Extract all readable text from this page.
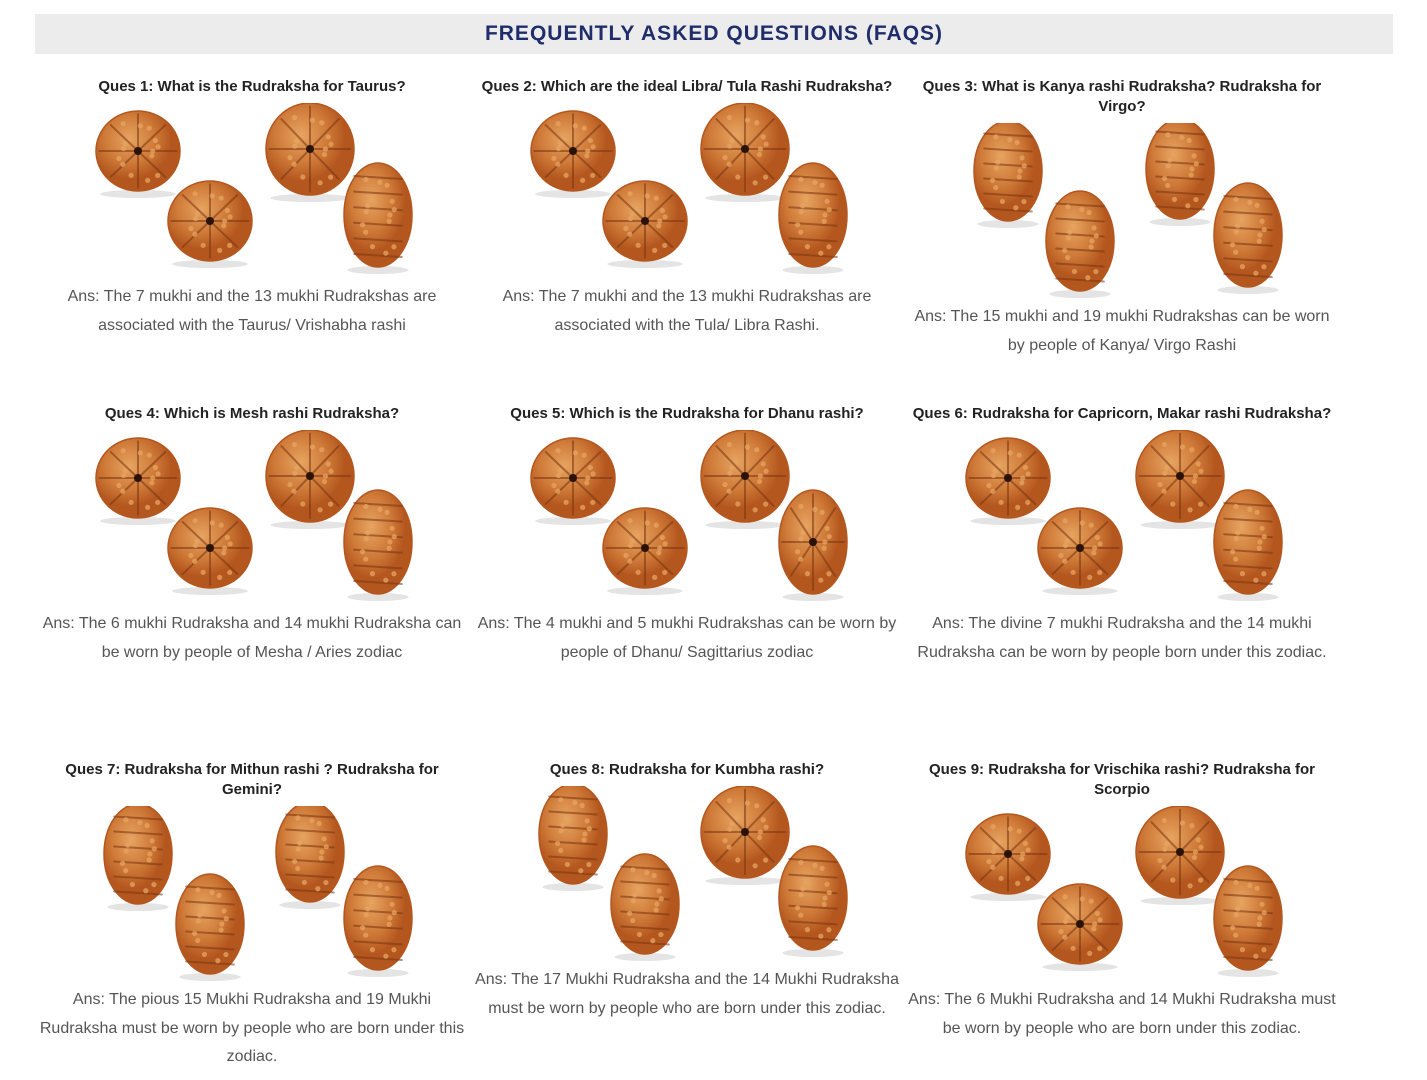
FREQUENTLY ASKED QUESTIONS (FAQS)
Ques 1: What is the Rudraksha for Taurus?
Ans: The 7 mukhi and the 13 mukhi Rudrakshas are associated with the Taurus/ Vrishabha rashi
Ques 2: Which are the ideal Libra/ Tula Rashi Rudraksha?
Ans: The 7 mukhi and the 13 mukhi Rudrakshas are associated with the Tula/ Libra Rashi.
Ques 3: What is Kanya rashi Rudraksha? Rudraksha for Virgo?
Ans: The 15 mukhi and 19 mukhi Rudrakshas can be worn by people of Kanya/ Virgo Rashi
Ques 4: Which is Mesh rashi Rudraksha?
Ans: The 6 mukhi Rudraksha and 14 mukhi Rudraksha can be worn by people of Mesha / Aries zodiac
Ques 5: Which is the Rudraksha for Dhanu rashi?
Ans: The 4 mukhi and 5 mukhi Rudrakshas can be worn by people of Dhanu/ Sagittarius zodiac
Ques 6: Rudraksha for Capricorn, Makar rashi Rudraksha?
Ans: The divine 7 mukhi Rudraksha and the 14 mukhi Rudraksha can be worn by people born under this zodiac.
Ques 7: Rudraksha for Mithun rashi ? Rudraksha for Gemini?
Ans: The pious 15 Mukhi Rudraksha and 19 Mukhi Rudraksha must be worn by people who are born under this zodiac.
Ques 8: Rudraksha for Kumbha rashi?
Ans: The 17 Mukhi Rudraksha and the 14 Mukhi Rudraksha must be worn by people who are born under this zodiac.
Ques 9: Rudraksha for Vrischika rashi? Rudraksha for Scorpio
Ans: The 6 Mukhi Rudraksha and 14 Mukhi Rudraksha must be worn by people who are born under this zodiac.
